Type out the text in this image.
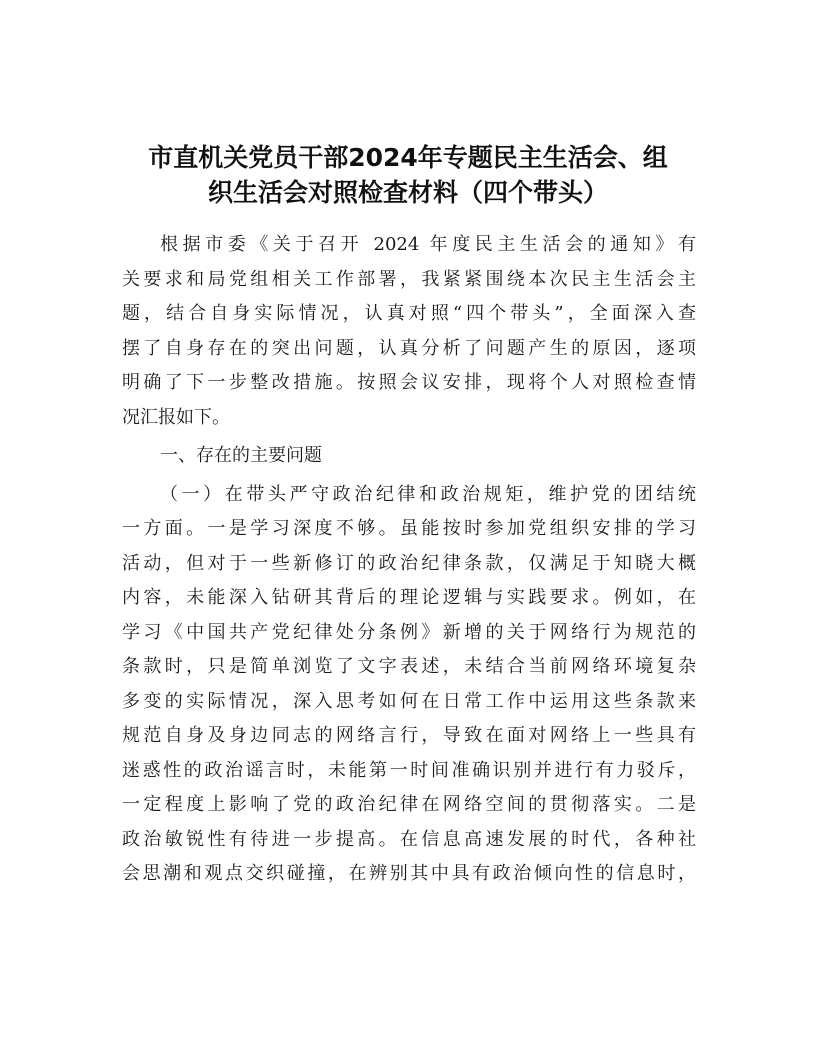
市直机关党员干部2024年专题民主生活会、组
织生活会对照检查材料（四个带头）

根据市委《关于召开 2024 年度民主生活会的通知》有
关要求和局党组相关工作部署，我紧紧围绕本次民主生活会主
题，结合自身实际情况，认真对照“四个带头”，全面深入查
摆了自身存在的突出问题，认真分析了问题产生的原因，逐项
明确了下一步整改措施。按照会议安排，现将个人对照检查情
况汇报如下。

一、存在的主要问题

（一）在带头严守政治纪律和政治规矩，维护党的团结统
一方面。一是学习深度不够。虽能按时参加党组织安排的学习
活动，但对于一些新修订的政治纪律条款，仅满足于知晓大概
内容，未能深入钻研其背后的理论逻辑与实践要求。例如，在
学习《中国共产党纪律处分条例》新增的关于网络行为规范的
条款时，只是简单浏览了文字表述，未结合当前网络环境复杂
多变的实际情况，深入思考如何在日常工作中运用这些条款来
规范自身及身边同志的网络言行，导致在面对网络上一些具有
迷惑性的政治谣言时，未能第一时间准确识别并进行有力驳斥，
一定程度上影响了党的政治纪律在网络空间的贯彻落实。二是
政治敏锐性有待进一步提高。在信息高速发展的时代，各种社
会思潮和观点交织碰撞，在辨别其中具有政治倾向性的信息时，
